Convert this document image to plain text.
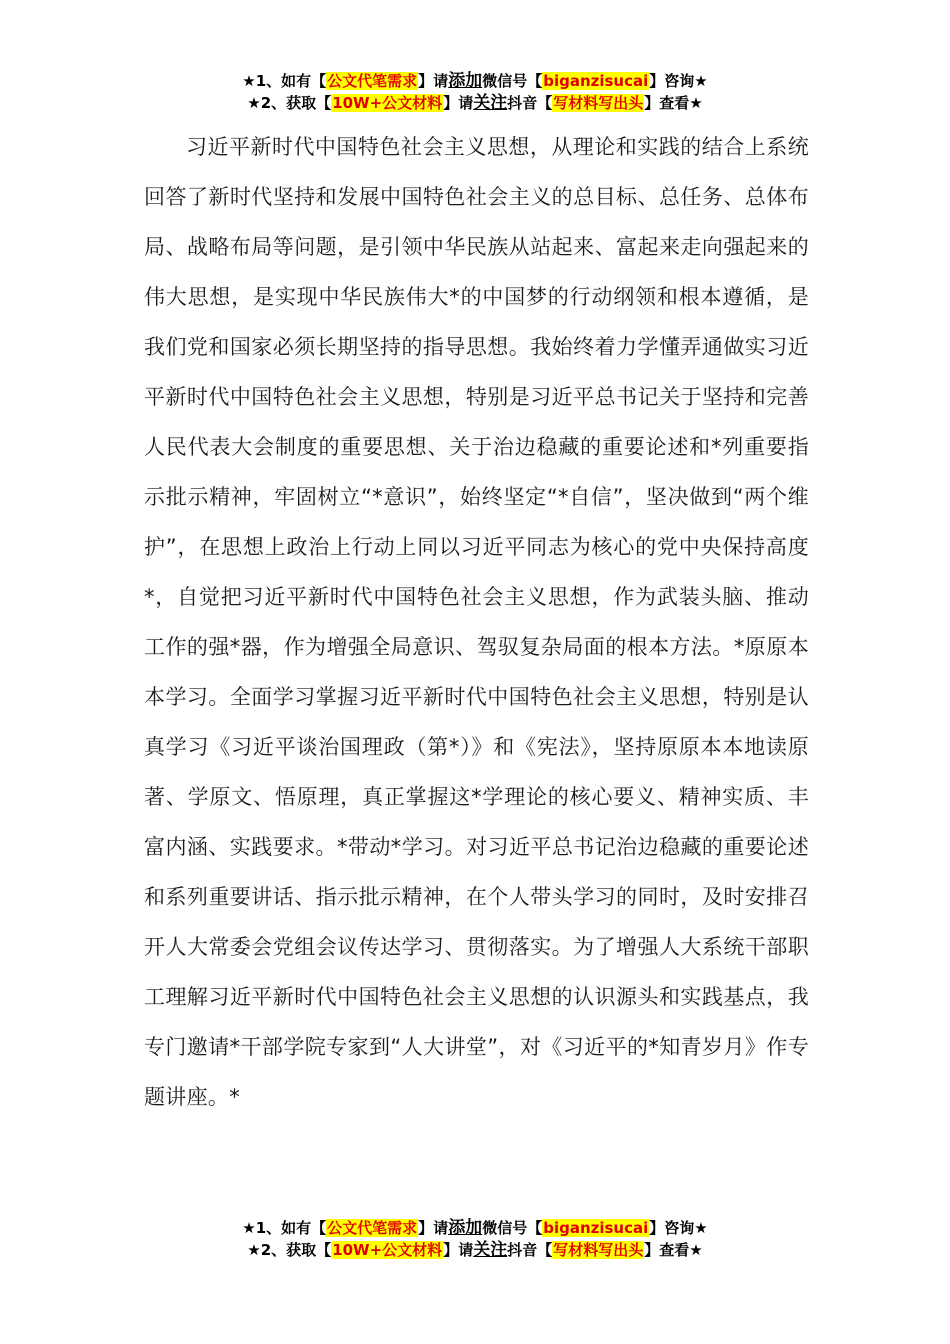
★1、如有【公文代笔需求】请添加微信号【biganzisucai】咨询★
★2、获取【10W+公文材料】请关注抖音【写材料写出头】查看★

习近平新时代中国特色社会主义思想，从理论和实践的结合上系统回答了新时代坚持和发展中国特色社会主义的总目标、总任务、总体布局、战略布局等问题，是引领中华民族从站起来、富起来走向强起来的伟大思想，是实现中华民族伟大*的中国梦的行动纲领和根本遵循，是我们党和国家必须长期坚持的指导思想。我始终着力学懂弄通做实习近平新时代中国特色社会主义思想，特别是习近平总书记关于坚持和完善人民代表大会制度的重要思想、关于治边稳藏的重要论述和*列重要指示批示精神，牢固树立“*意识”，始终坚定“*自信”，坚决做到“两个维护”，在思想上政治上行动上同以习近平同志为核心的党中央保持高度*，自觉把习近平新时代中国特色社会主义思想，作为武装头脑、推动工作的强*器，作为增强全局意识、驾驭复杂局面的根本方法。*原原本本学习。全面学习掌握习近平新时代中国特色社会主义思想，特别是认真学习《习近平谈治国理政（第*）》和《宪法》，坚持原原本本地读原著、学原文、悟原理，真正掌握这*学理论的核心要义、精神实质、丰富内涵、实践要求。*带动*学习。对习近平总书记治边稳藏的重要论述和系列重要讲话、指示批示精神，在个人带头学习的同时，及时安排召开人大常委会党组会议传达学习、贯彻落实。为了增强人大系统干部职工理解习近平新时代中国特色社会主义思想的认识源头和实践基点，我专门邀请*干部学院专家到“人大讲堂”，对《习近平的*知青岁月》作专题讲座。*

★1、如有【公文代笔需求】请添加微信号【biganzisucai】咨询★
★2、获取【10W+公文材料】请关注抖音【写材料写出头】查看★
